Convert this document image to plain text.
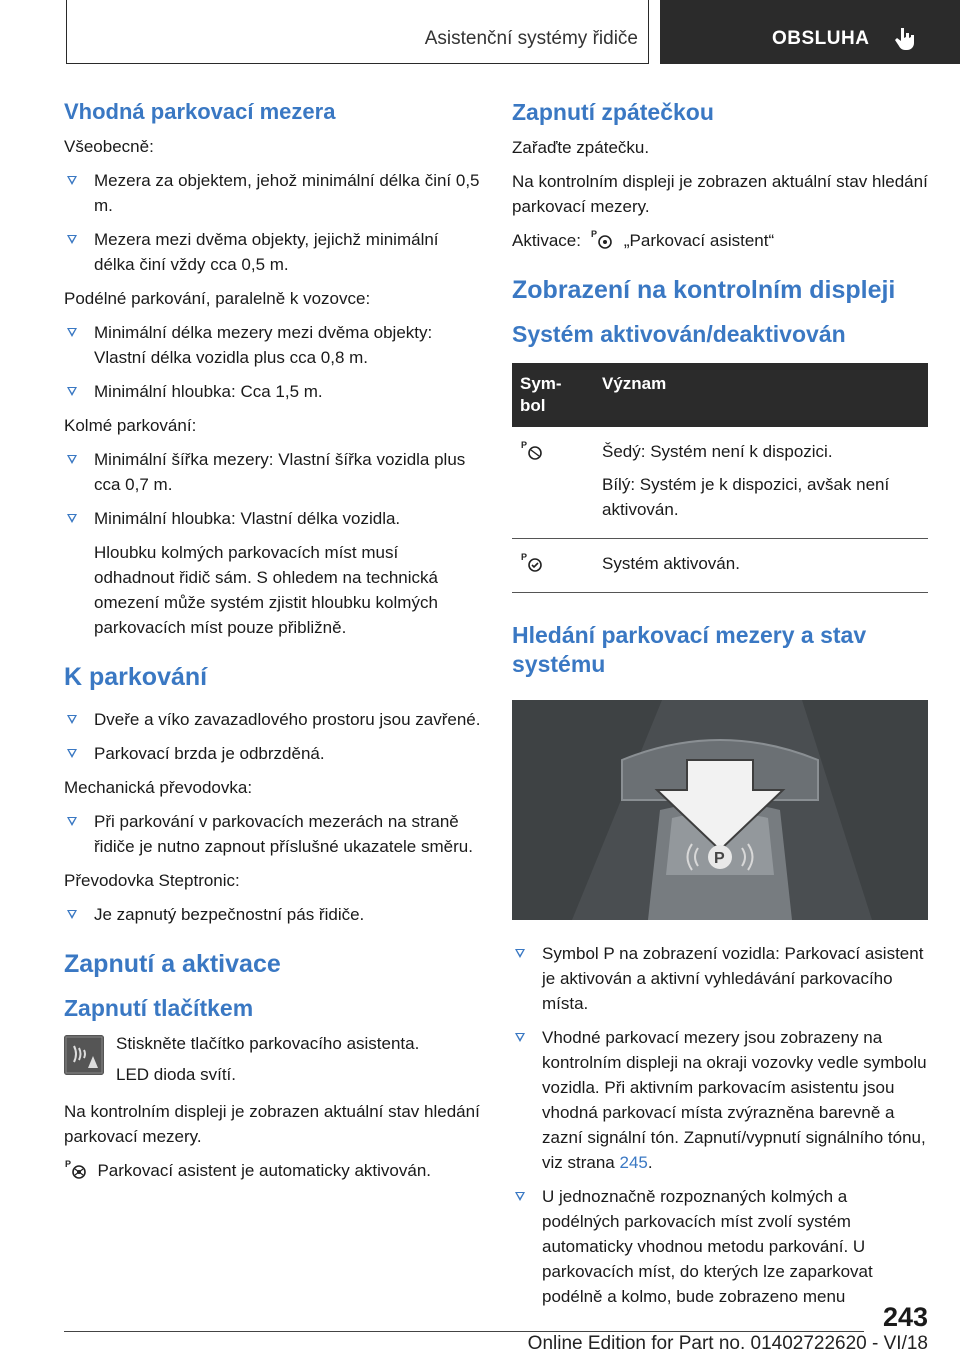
Asistenční systémy řidiče	OBSLUHA
Vhodná parkovací mezera

Všeobecně:

Mezera za objektem, jehož minimální délka činí 0,5 m.
Mezera mezi dvěma objekty, jejichž minimální délka činí vždy cca 0,5 m.

Podélné parkování, paralelně k vozovce:

Minimální délka mezery mezi dvěma objekty: Vlastní délka vozidla plus cca 0,8 m.
Minimální hloubka: Cca 1,5 m.

Kolmé parkování:

Minimální šířka mezery: Vlastní šířka vozidla plus cca 0,7 m.
Minimální hloubka: Vlastní délka vozidla.

Hloubku kolmých parkovacích míst musí odhadnout řidič sám. S ohledem na technická omezení může systém zjistit hloubku kolmých parkovacích míst pouze přibližně.

K parkování
Dveře a víko zavazadlového prostoru jsou zavřené.
Parkovací brzda je odbrzděná.

Mechanická převodovka:

Při parkování v parkovacích mezerách na straně řidiče je nutno zapnout příslušné ukazatele směru.

Převodovka Steptronic:

Je zapnutý bezpečnostní pás řidiče.
Zapnutí a aktivace
Zapnutí tlačítkem
Stiskněte tlačítko parkovacího asistenta.
LED dioda svítí.

Na kontrolním displeji je zobrazen aktuální stav hledání parkovací mezery.

P Parkovací asistent je automaticky aktivován.

Zapnutí zpátečkou

Zařaďte zpátečku.

Na kontrolním displeji je zobrazen aktuální stav hledání parkovací mezery.

Aktivace: P „Parkovací asistent“

Zobrazení na kontrolním displeji
Systém aktivován/deaktivován
Sym-bol	Význam

P	Šedý: Systém není k dispozici.

Bílý: Systém je k dispozici, avšak není aktivován.

P	Systém aktivován.

Hledání parkovací mezery a stav systému
P
Symbol P na zobrazení vozidla: Parkovací asistent je aktivován a aktivní vyhledávání parkovacího místa.
Vhodné parkovací mezery jsou zobrazeny na kontrolním displeji na okraji vozovky vedle symbolu vozidla. Při aktivním parkovacím asistentu jsou vhodná parkovací místa zvýrazněna barevně a zazní signální tón. Zapnutí/vypnutí signálního tónu, viz strana 245.
U jednoznačně rozpoznaných kolmých a podélných parkovacích míst zvolí systém automaticky vhodnou metodu parkování. U parkovacích míst, do kterých lze zaparkovat podélně a kolmo, bude zobrazeno menu
243
Online Edition for Part no. 01402722620 - VI/18
